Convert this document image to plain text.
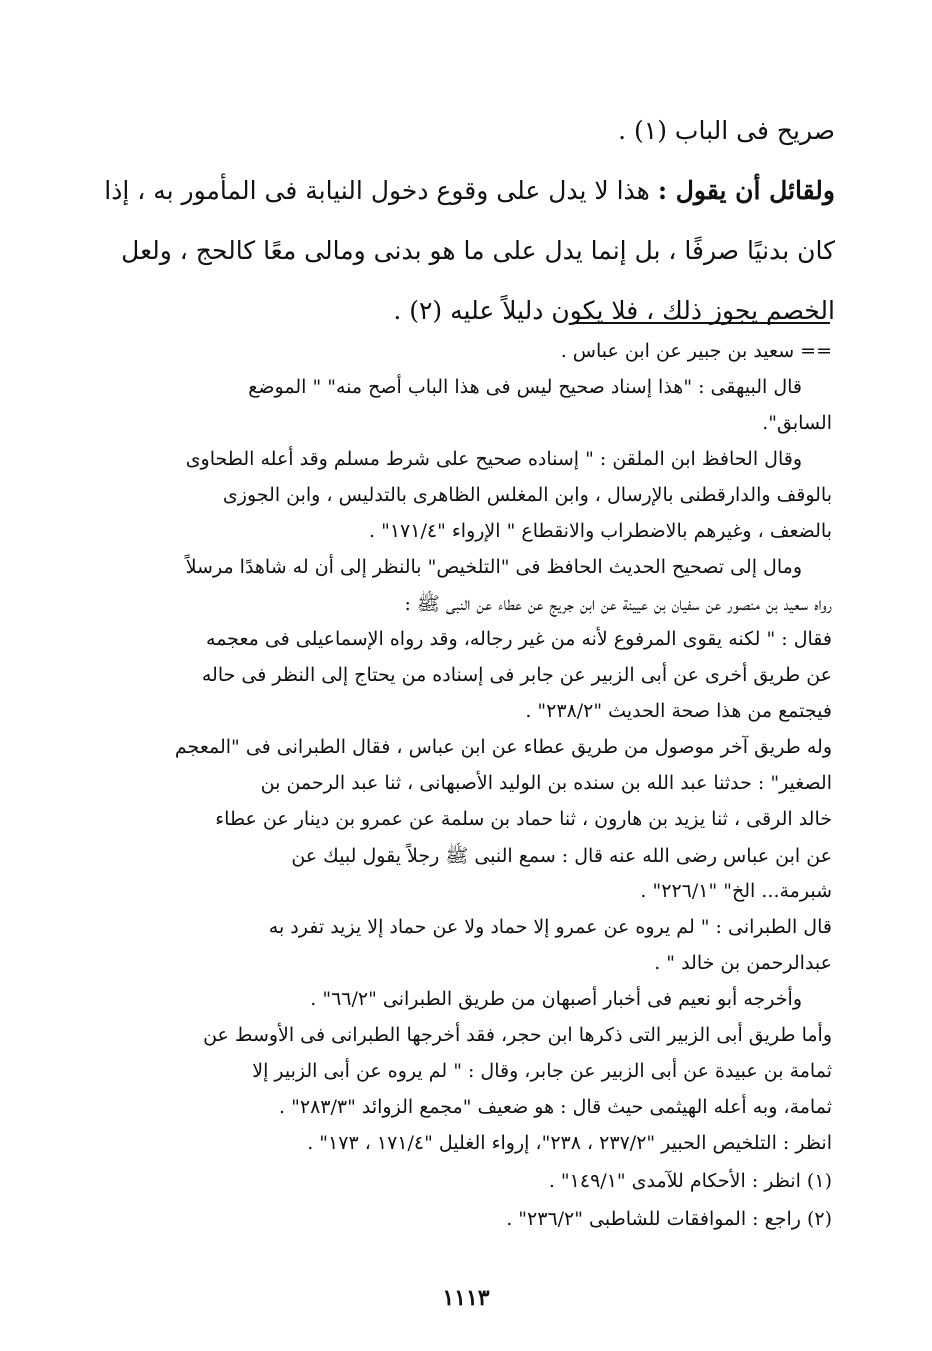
صريح فى الباب (١) .
ولقائل أن يقول : هذا لا يدل على وقوع دخول النيابة فى المأمور به ، إذا
كان بدنيًا صرفًا ، بل إنما يدل على ما هو بدنى ومالى معًا كالحج ، ولعل
الخصم يجوز ذلك ، فلا يكون دليلاً عليه (٢) .
== سعيد بن جبير عن ابن عباس .
قال البيهقى : "هذا إسناد صحيح ليس فى هذا الباب أصح منه" " الموضع
السابق".
وقال الحافظ ابن الملقن : " إسناده صحيح على شرط مسلم وقد أعله الطحاوى
بالوقف والدارقطنى بالإرسال ، وابن المغلس الظاهرى بالتدليس ، وابن الجوزى
بالضعف ، وغيرهم بالاضطراب والانقطاع " الإرواء "١٧١/٤" .
ومال إلى تصحيح الحديث الحافظ فى "التلخيص" بالنظر إلى أن له شاهدًا مرسلاً
رواه سعيد بن منصور عن سفيان بن عيينة عن ابن جريج عن عطاء عن النبى ﷺ :
فقال : " لكنه يقوى المرفوع لأنه من غير رجاله، وقد رواه الإسماعيلى فى معجمه
عن طريق أخرى عن أبى الزبير عن جابر فى إسناده من يحتاج إلى النظر فى حاله
فيجتمع من هذا صحة الحديث "٢٣٨/٢" .
وله طريق آخر موصول من طريق عطاء عن ابن عباس ، فقال الطبرانى فى "المعجم
الصغير" : حدثنا عبد الله بن سنده بن الوليد الأصبهانى ، ثنا عبد الرحمن بن
خالد الرقى ، ثنا يزيد بن هارون ، ثنا حماد بن سلمة عن عمرو بن دينار عن عطاء
عن ابن عباس رضى الله عنه قال : سمع النبى ﷺ رجلاً يقول لبيك عن
شبرمة... الخ" "٢٢٦/١" .
قال الطبرانى : " لم يروه عن عمرو إلا حماد ولا عن حماد إلا يزيد تفرد به
عبدالرحمن بن خالد " .
وأخرجه أبو نعيم فى أخبار أصبهان من طريق الطبرانى "٦٦/٢" .
وأما طريق أبى الزبير التى ذكرها ابن حجر، فقد أخرجها الطبرانى فى الأوسط عن
ثمامة بن عبيدة عن أبى الزبير عن جابر، وقال : " لم يروه عن أبى الزبير إلا
ثمامة، وبه أعله الهيثمى حيث قال : هو ضعيف "مجمع الزوائد "٢٨٣/٣" .
انظر : التلخيص الحبير "٢٣٧/٢ ، ٢٣٨"، إرواء الغليل "١٧١/٤ ، ١٧٣" .
(١) انظر : الأحكام للآمدى "١٤٩/١" .
(٢) راجع : الموافقات للشاطبى "٢٣٦/٢" .
١١١٣
